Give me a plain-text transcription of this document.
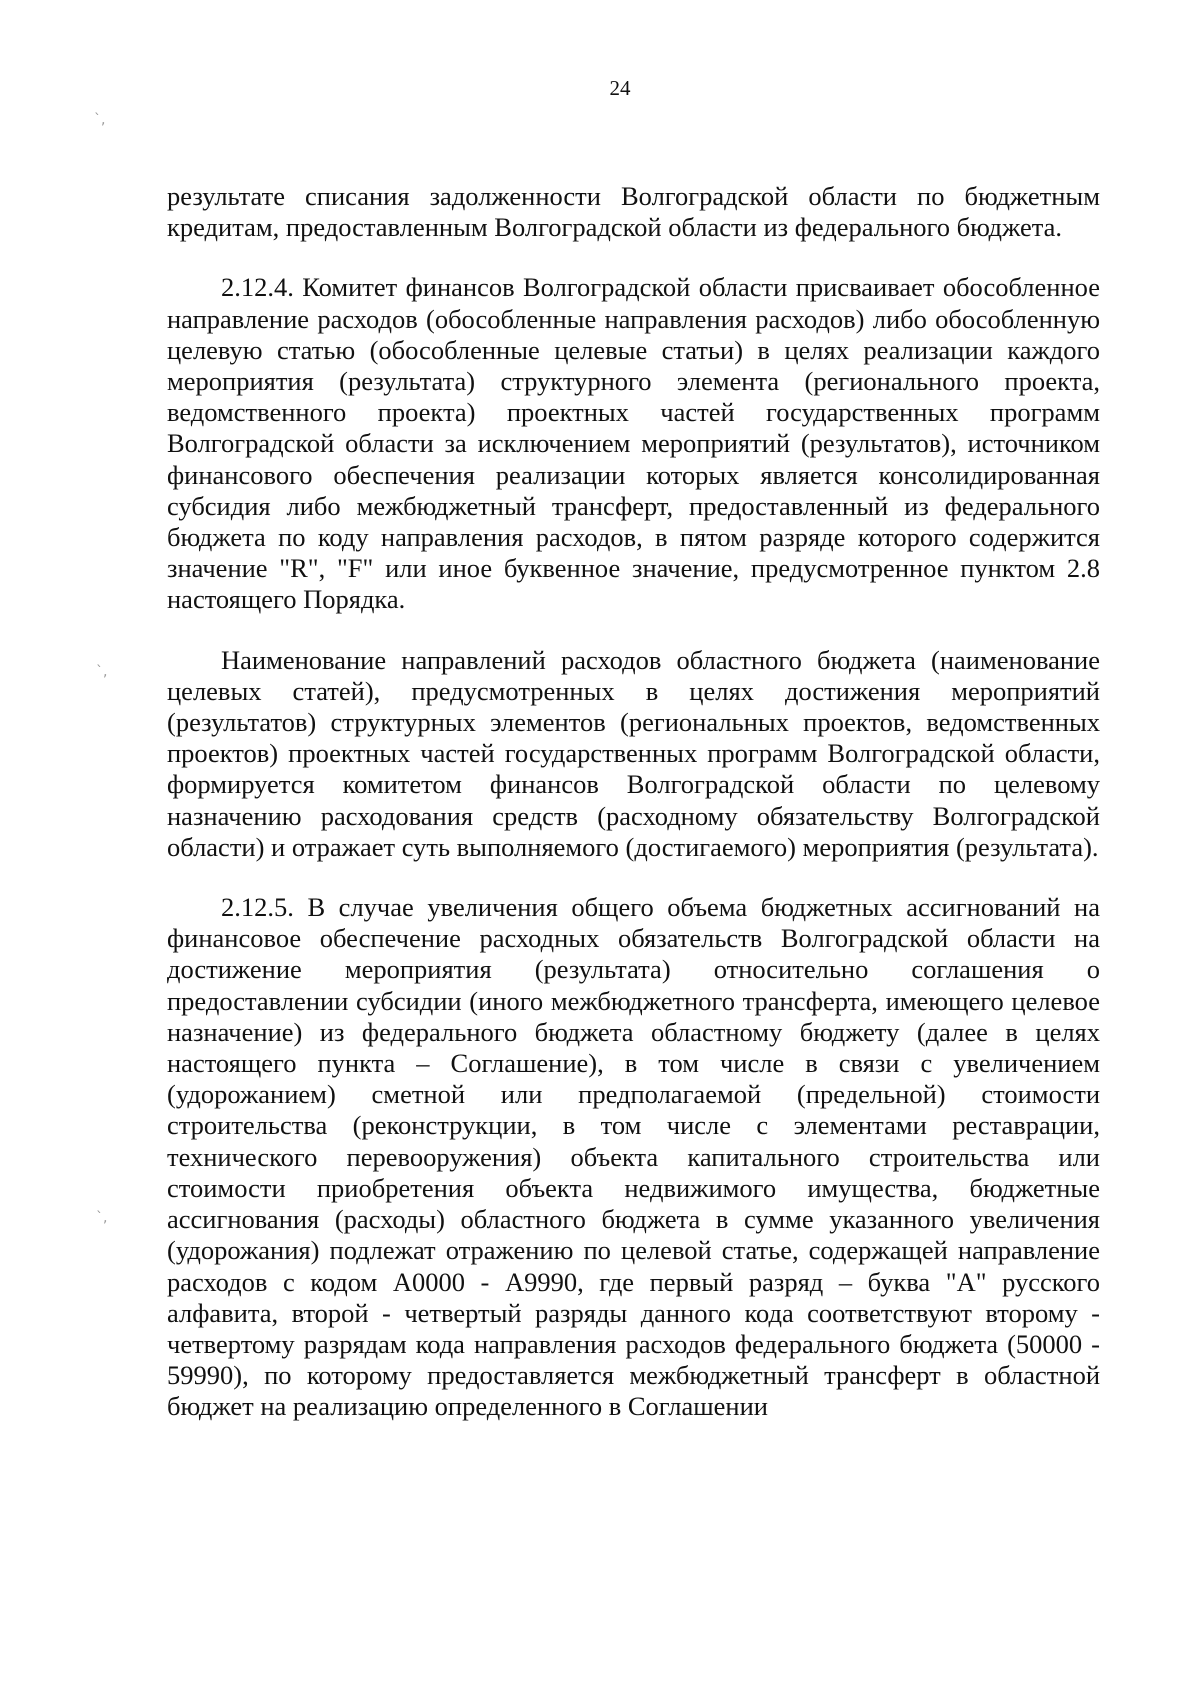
24
`,
`,
`,

результате списания задолженности Волгоградской области по бюджетным кредитам, предоставленным Волгоградской области из федерального бюджета.

2.12.4. Комитет финансов Волгоградской области присваивает обособленное направление расходов (обособленные направления расходов) либо обособленную целевую статью (обособленные целевые статьи) в целях реализации каждого мероприятия (результата) структурного элемента (регионального проекта, ведомственного проекта) проектных частей государственных программ Волгоградской области за исключением мероприятий (результатов), источником финансового обеспечения реализации которых является консолидированная субсидия либо межбюджетный трансферт, предоставленный из федерального бюджета по коду направления расходов, в пятом разряде которого содержится значение "R", "F" или иное буквенное значение, предусмотренное пунктом 2.8 настоящего Порядка.

Наименование направлений расходов областного бюджета (наименование целевых статей), предусмотренных в целях достижения мероприятий (результатов) структурных элементов (региональных проектов, ведомственных проектов) проектных частей государственных программ Волгоградской области, формируется комитетом финансов Волгоградской области по целевому назначению расходования средств (расходному обязательству Волгоградской области) и отражает суть выполняемого (достигаемого) мероприятия (результата).

2.12.5. В случае увеличения общего объема бюджетных ассигнований на финансовое обеспечение расходных обязательств Волгоградской области на достижение мероприятия (результата) относительно соглашения о предоставлении субсидии (иного межбюджетного трансферта, имеющего целевое назначение) из федерального бюджета областному бюджету (далее в целях настоящего пункта – Соглашение), в том числе в связи с увеличением (удорожанием) сметной или предполагаемой (предельной) стоимости строительства (реконструкции, в том числе с элементами реставрации, технического перевооружения) объекта капитального строительства или стоимости приобретения объекта недвижимого имущества, бюджетные ассигнования (расходы) областного бюджета в сумме указанного увеличения (удорожания) подлежат отражению по целевой статье, содержащей направление расходов с кодом А0000 - А9990, где первый разряд – буква "А" русского алфавита, второй - четвертый разряды данного кода соответствуют второму - четвертому разрядам кода направления расходов федерального бюджета (50000 - 59990), по которому предоставляется межбюджетный трансферт в областной бюджет на реализацию определенного в Соглашении
